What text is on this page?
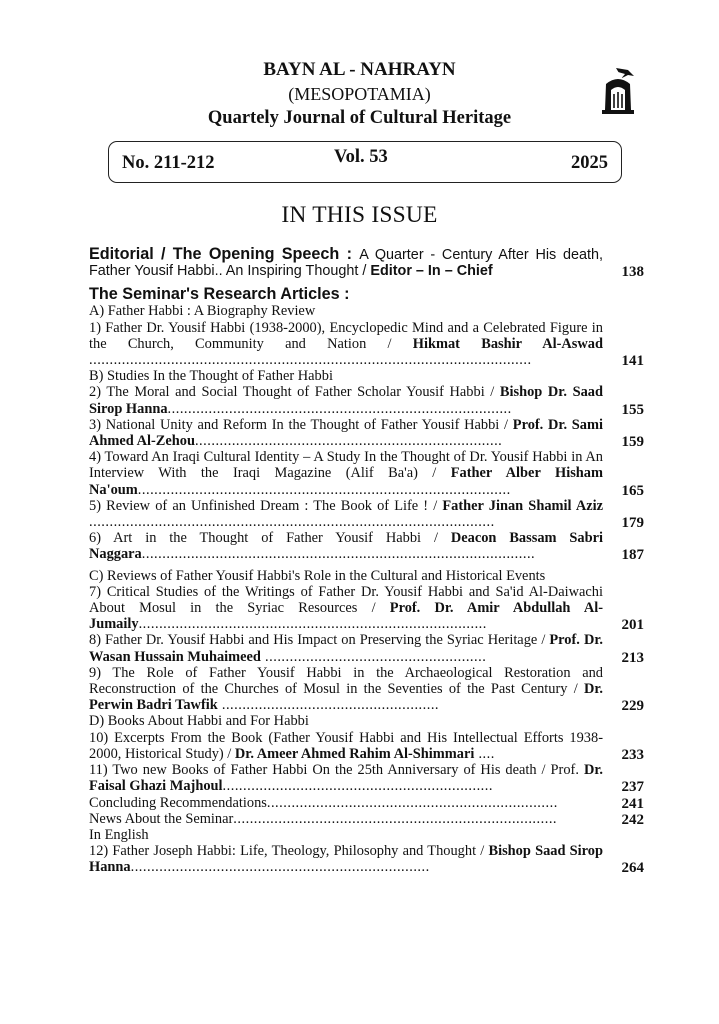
BAYN AL - NAHRAYN
(MESOPOTAMIA)
Quartely Journal of Cultural Heritage
No. 211-212	Vol. 53	2025
IN THIS ISSUE
Editorial / The Opening Speech : A Quarter - Century After His death, Father Yousif Habbi.. An Inspiring Thought / Editor – In – Chief	138
The Seminar's Research Articles :
A) Father Habbi : A Biography Review
1) Father Dr. Yousif Habbi (1938-2000), Encyclopedic Mind and a Celebrated Figure in the Church, Community and Nation / Hikmat Bashir Al-Aswad ............................................................................................................	141
B) Studies In the Thought of Father Habbi
2) The Moral and Social Thought of Father Scholar Yousif Habbi / Bishop Dr. Saad Sirop Hanna....................................................................................	155
3) National Unity and Reform In the Thought of Father Yousif Habbi / Prof. Dr. Sami Ahmed Al-Zehou...........................................................................	159
4) Toward An Iraqi Cultural Identity – A Study In the Thought of Dr. Yousif Habbi in An Interview With the Iraqi Magazine (Alif Ba'a) / Father Alber Hisham Na'oum...........................................................................................	165
5) Review of an Unfinished Dream : The Book of Life ! / Father Jinan Shamil Aziz ...................................................................................................	179
6) Art in the Thought of Father Yousif Habbi / Deacon Bassam Sabri Naggara................................................................................................	187
C) Reviews of Father Yousif Habbi's Role in the Cultural and Historical Events
7) Critical Studies of the Writings of Father Dr. Yousif Habbi and Sa'id Al-Daiwachi About Mosul in the Syriac Resources / Prof. Dr. Amir Abdullah Al-Jumaily.....................................................................................	201
8) Father Dr. Yousif Habbi and His Impact on Preserving the Syriac Heritage / Prof. Dr. Wasan Hussain Muhaimeed ......................................................	213
9) The Role of Father Yousif Habbi in the Archaeological Restoration and Reconstruction of the Churches of Mosul in the Seventies of the Past Century / Dr. Perwin Badri Tawfik .....................................................	229
D) Books About Habbi and For Habbi
10) Excerpts From the Book (Father Yousif Habbi and His Intellectual Efforts 1938-2000, Historical Study) / Dr. Ameer Ahmed Rahim Al-Shimmari ....	233
11) Two new Books of Father Habbi On the 25th Anniversary of His death / Prof. Dr. Faisal Ghazi Majhoul..................................................................	237
Concluding Recommendations.......................................................................	241
News About the Seminar...............................................................................	242
In English
12) Father Joseph Habbi: Life, Theology, Philosophy and Thought / Bishop Saad Sirop Hanna.........................................................................	264
